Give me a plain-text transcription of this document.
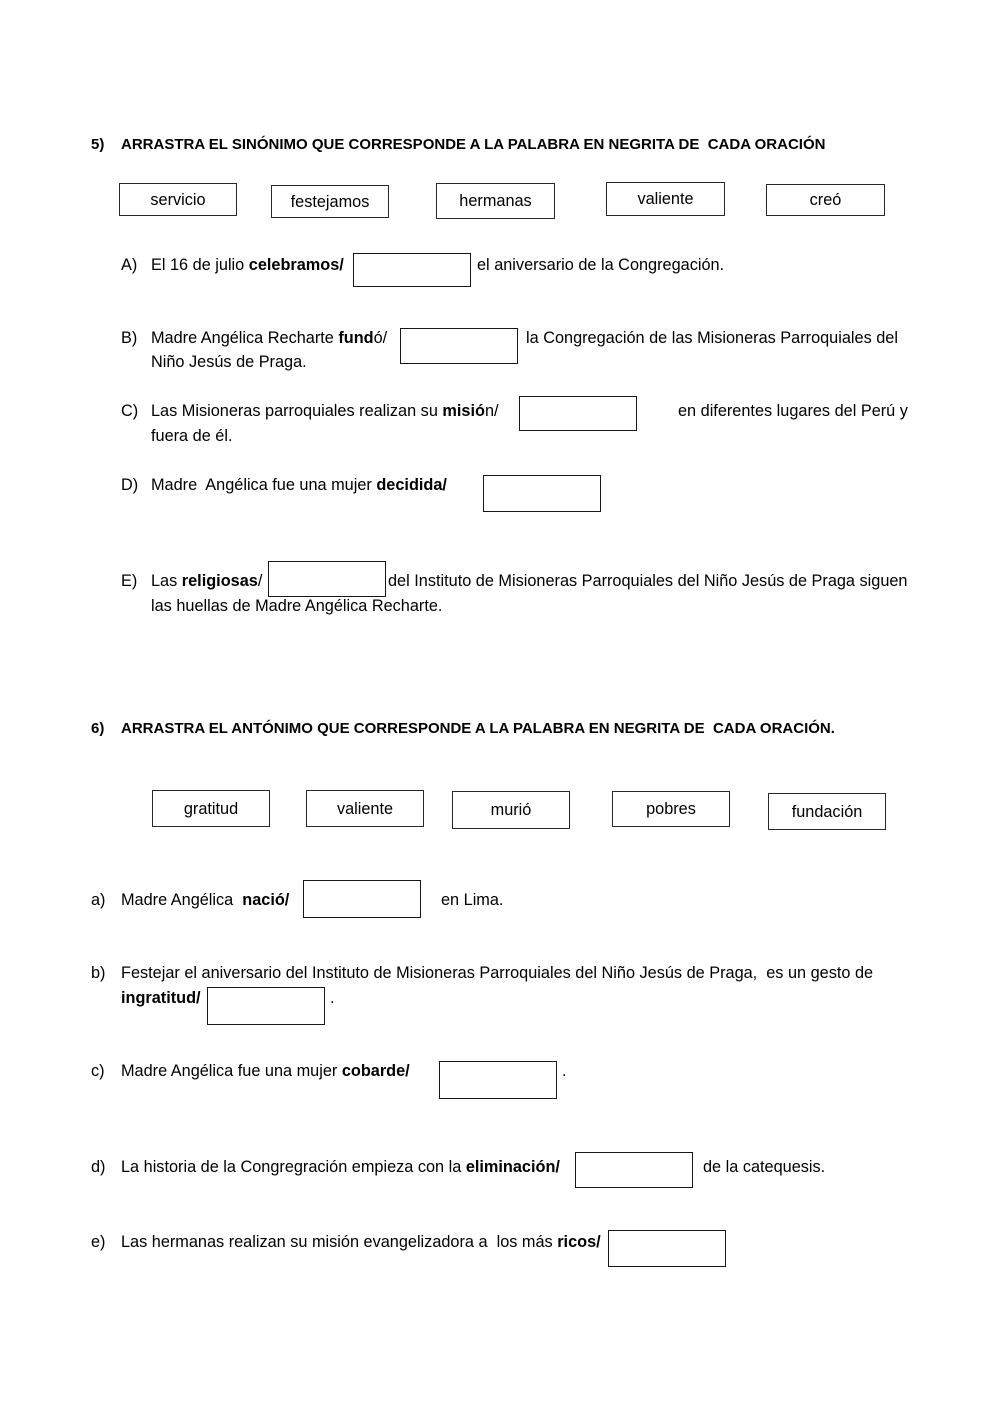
5) ARRASTRA EL SINÓNIMO QUE CORRESPONDE A LA PALABRA EN NEGRITA DE  CADA ORACIÓN
servicio	festejamos	hermanas	valiente	creó
A) El 16 de julio celebramos/	el aniversario de la Congregación.
B) Madre Angélica Recharte fundó/	la Congregación de las Misioneras Parroquiales del
Niño Jesús de Praga.
C) Las Misioneras parroquiales realizan su misión/	en diferentes lugares del Perú y
fuera de él.
D) Madre  Angélica fue una mujer decidida/
E) Las religiosas/	del Instituto de Misioneras Parroquiales del Niño Jesús de Praga siguen
las huellas de Madre Angélica Recharte.
6) ARRASTRA EL ANTÓNIMO QUE CORRESPONDE A LA PALABRA EN NEGRITA DE  CADA ORACIÓN.
gratitud	valiente	murió	pobres	fundación
a) Madre Angélica  nació/	en Lima.
b) Festejar el aniversario del Instituto de Misioneras Parroquiales del Niño Jesús de Praga,  es un gesto de
ingratitud/	.
c) Madre Angélica fue una mujer cobarde/	.
d) La historia de la Congregración empieza con la eliminación/	de la catequesis.
e) Las hermanas realizan su misión evangelizadora a  los más ricos/
